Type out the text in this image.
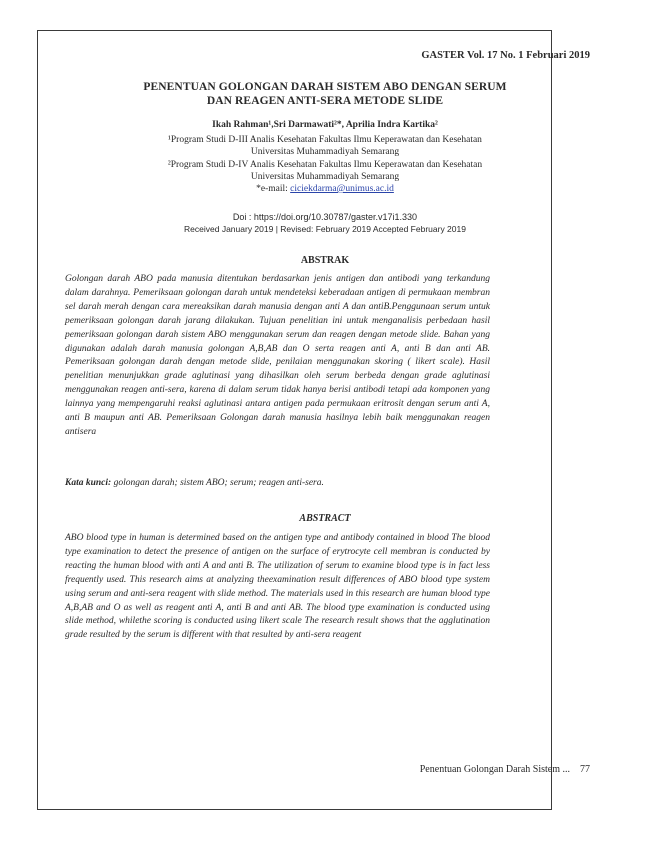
GASTER Vol. 17 No. 1 Februari 2019
PENENTUAN GOLONGAN DARAH SISTEM ABO DENGAN SERUM
DAN REAGEN ANTI-SERA METODE SLIDE
Ikah Rahman¹,Sri Darmawati²*, Aprilia Indra Kartika²
¹Program Studi D-III Analis Kesehatan Fakultas Ilmu Keperawatan dan Kesehatan
Universitas Muhammadiyah Semarang
²Program Studi D-IV Analis Kesehatan Fakultas Ilmu Keperawatan dan Kesehatan
Universitas Muhammadiyah Semarang
*e-mail: ciciekdarma@unimus.ac.id
Doi : https://doi.org/10.30787/gaster.v17i1.330
Received January 2019 | Revised: February 2019 Accepted February 2019
ABSTRAK
Golongan darah ABO pada manusia ditentukan berdasarkan jenis antigen dan antibodi yang terkandung dalam darahnya. Pemeriksaan golongan darah untuk mendeteksi keberadaan antigen di permukaan membran sel darah merah dengan cara mereaksikan darah manusia dengan anti A dan antiB.Penggunaan serum untuk pemeriksaan golongan darah jarang dilakukan. Tujuan penelitian ini untuk menganalisis perbedaan hasil pemeriksaan golongan darah sistem ABO menggunakan serum dan reagen dengan metode slide. Bahan yang digunakan adalah darah manusia golongan A,B,AB dan O serta reagen anti A, anti B dan anti AB. Pemeriksaan golongan darah dengan metode slide, penilaian menggunakan skoring ( likert scale). Hasil penelitian menunjukkan grade aglutinasi yang dihasilkan oleh serum berbeda dengan grade aglutinasi menggunakan reagen anti-sera, karena di dalam serum tidak hanya berisi antibodi tetapi ada komponen yang lainnya yang mempengaruhi reaksi aglutinasi antara antigen pada permukaan eritrosit dengan serum anti A, anti B maupun anti AB. Pemeriksaan Golongan darah manusia hasilnya lebih baik menggunakan reagen antisera
Kata kunci: golongan darah; sistem ABO; serum; reagen anti-sera.
ABSTRACT
ABO blood type in human is determined based on the antigen type and antibody contained in blood The blood type examination to detect the presence of antigen on the surface of erytrocyte cell membran is conducted by reacting the human blood with anti A and anti B. The utilization of serum to examine blood type is in fact less frequently used. This research aims at analyzing theexamination result differences of ABO blood type system using serum and anti-sera reagent with slide method. The materials used in this research are human blood type A,B,AB and O as well as reagent anti A, anti B and anti AB. The blood type examination is conducted using slide method, whilethe scoring is conducted using likert scale The research result shows that the agglutination grade resulted by the serum is different with that resulted by anti-sera reagent
Penentuan Golongan Darah Sistem ... 77
